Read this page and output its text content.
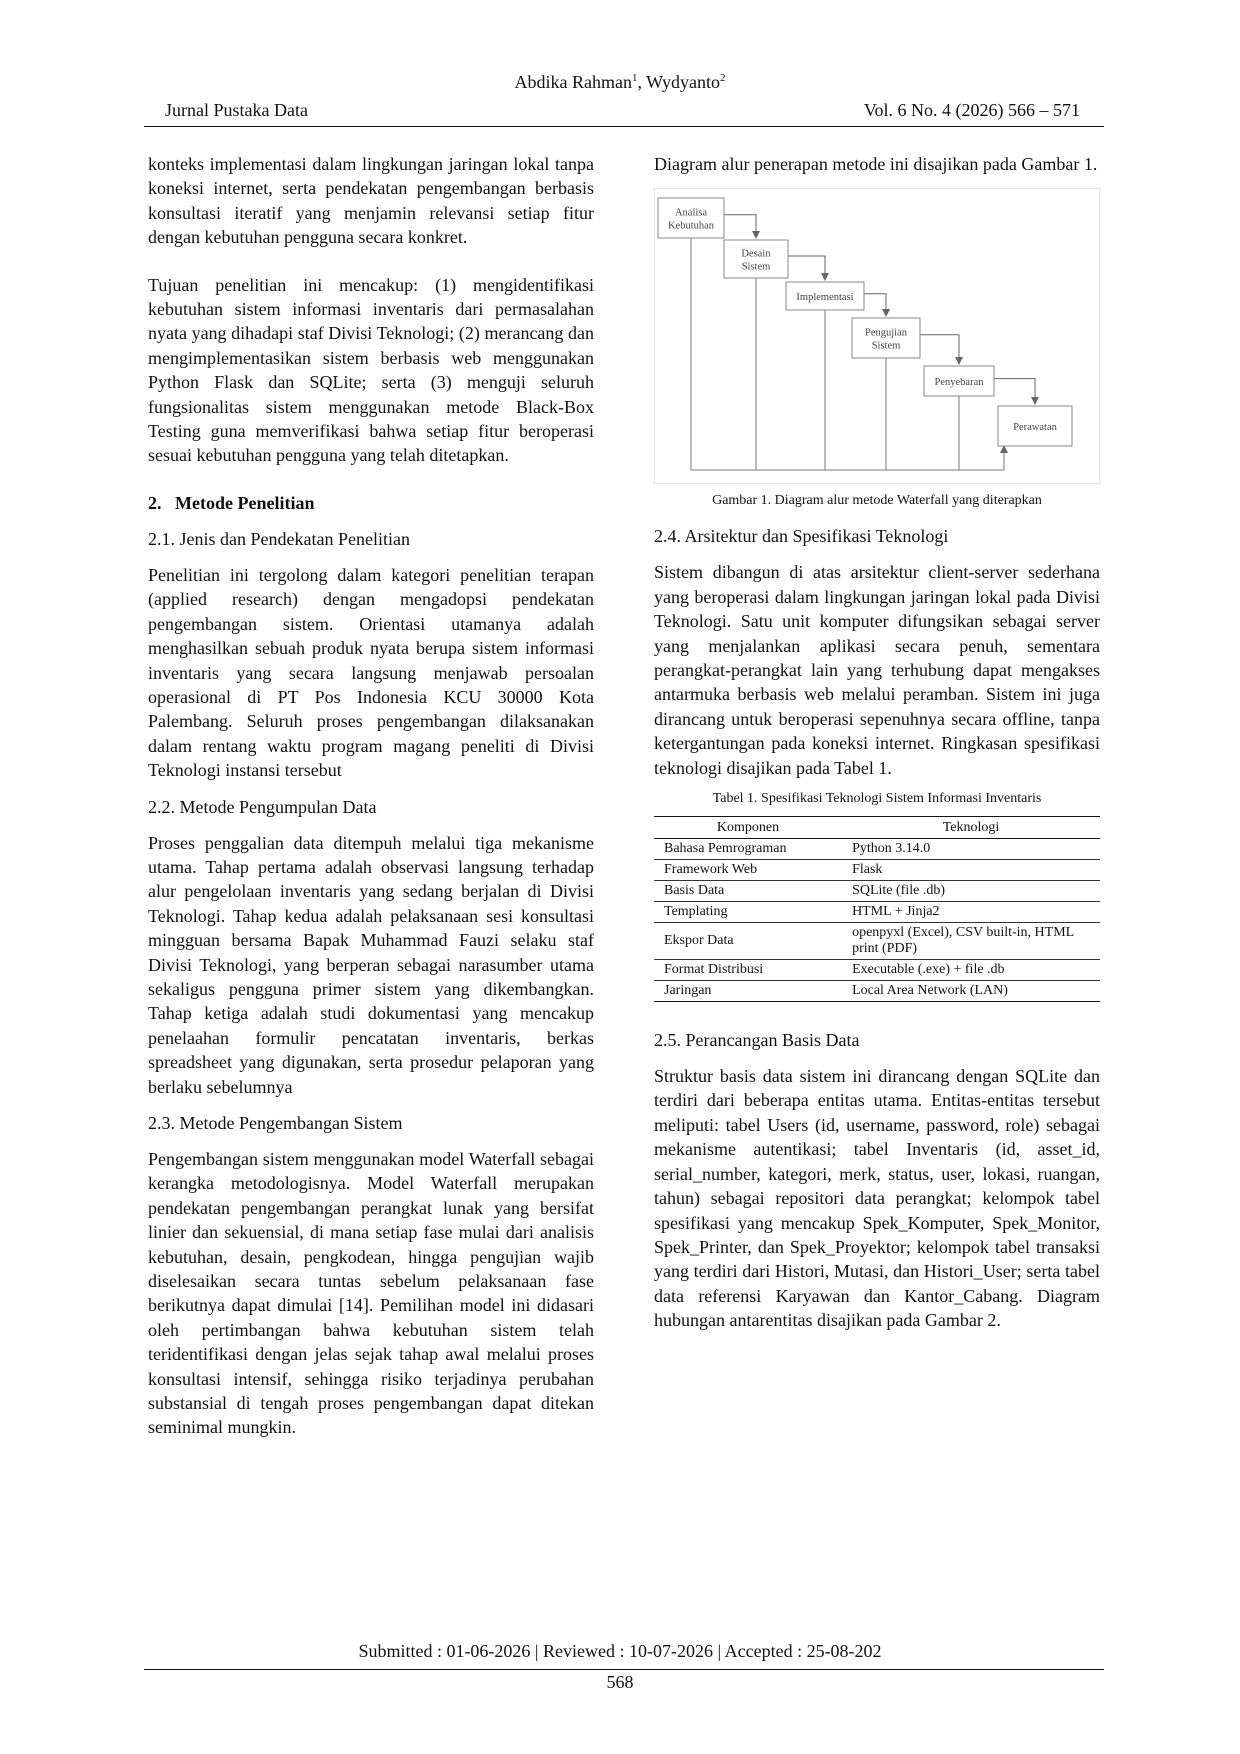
Abdika Rahman$^1$, Wydyanto$^2$
Jurnal Pustaka Data	Vol. 6 No. 4 (2026) 566 – 571

konteks implementasi dalam lingkungan jaringan lokal tanpa koneksi internet, serta pendekatan pengembangan berbasis konsultasi iteratif yang menjamin relevansi setiap fitur dengan kebutuhan pengguna secara konkret.

Tujuan penelitian ini mencakup: (1) mengidentifikasi kebutuhan sistem informasi inventaris dari permasalahan nyata yang dihadapi staf Divisi Teknologi; (2) merancang dan mengimplementasikan sistem berbasis web menggunakan Python Flask dan SQLite; serta (3) menguji seluruh fungsionalitas sistem menggunakan metode Black-Box Testing guna memverifikasi bahwa setiap fitur beroperasi sesuai kebutuhan pengguna yang telah ditetapkan.

2.   Metode Penelitian
2.1. Jenis dan Pendekatan Penelitian

Penelitian ini tergolong dalam kategori penelitian terapan (applied research) dengan mengadopsi pendekatan pengembangan sistem. Orientasi utamanya adalah menghasilkan sebuah produk nyata berupa sistem informasi inventaris yang secara langsung menjawab persoalan operasional di PT Pos Indonesia KCU 30000 Kota Palembang. Seluruh proses pengembangan dilaksanakan dalam rentang waktu program magang peneliti di Divisi Teknologi instansi tersebut

2.2. Metode Pengumpulan Data

Proses penggalian data ditempuh melalui tiga mekanisme utama. Tahap pertama adalah observasi langsung terhadap alur pengelolaan inventaris yang sedang berjalan di Divisi Teknologi. Tahap kedua adalah pelaksanaan sesi konsultasi mingguan bersama Bapak Muhammad Fauzi selaku staf Divisi Teknologi, yang berperan sebagai narasumber utama sekaligus pengguna primer sistem yang dikembangkan. Tahap ketiga adalah studi dokumentasi yang mencakup penelaahan formulir pencatatan inventaris, berkas spreadsheet yang digunakan, serta prosedur pelaporan yang berlaku sebelumnya

2.3. Metode Pengembangan Sistem

Pengembangan sistem menggunakan model Waterfall sebagai kerangka metodologisnya. Model Waterfall merupakan pendekatan pengembangan perangkat lunak yang bersifat linier dan sekuensial, di mana setiap fase mulai dari analisis kebutuhan, desain, pengkodean, hingga pengujian wajib diselesaikan secara tuntas sebelum pelaksanaan fase berikutnya dapat dimulai [14]. Pemilihan model ini didasari oleh pertimbangan bahwa kebutuhan sistem telah teridentifikasi dengan jelas sejak tahap awal melalui proses konsultasi intensif, sehingga risiko terjadinya perubahan substansial di tengah proses pengembangan dapat ditekan seminimal mungkin.

Diagram alur penerapan metode ini disajikan pada Gambar 1.

Analisa
Kebutuhan
Desain
Sistem
Implementasi
Pengujian
Sistem
Penyebaran
Perawatan
Gambar 1. Diagram alur metode Waterfall yang diterapkan
2.4. Arsitektur dan Spesifikasi Teknologi

Sistem dibangun di atas arsitektur client-server sederhana yang beroperasi dalam lingkungan jaringan lokal pada Divisi Teknologi. Satu unit komputer difungsikan sebagai server yang menjalankan aplikasi secara penuh, sementara perangkat-perangkat lain yang terhubung dapat mengakses antarmuka berbasis web melalui peramban. Sistem ini juga dirancang untuk beroperasi sepenuhnya secara offline, tanpa ketergantungan pada koneksi internet. Ringkasan spesifikasi teknologi disajikan pada Tabel 1.

Tabel 1. Spesifikasi Teknologi Sistem Informasi Inventaris
Komponen	Teknologi
Bahasa Pemrograman	Python 3.14.0
Framework Web	Flask
Basis Data	SQLite (file .db)
Templating	HTML + Jinja2
Ekspor Data	openpyxl (Excel), CSV built-in, HTML print (PDF)
Format Distribusi	Executable (.exe) + file .db
Jaringan	Local Area Network (LAN)
2.5. Perancangan Basis Data

Struktur basis data sistem ini dirancang dengan SQLite dan terdiri dari beberapa entitas utama. Entitas-entitas tersebut meliputi: tabel Users (id, username, password, role) sebagai mekanisme autentikasi; tabel Inventaris (id, asset_id, serial_number, kategori, merk, status, user, lokasi, ruangan, tahun) sebagai repositori data perangkat; kelompok tabel spesifikasi yang mencakup Spek_Komputer, Spek_Monitor, Spek_Printer, dan Spek_Proyektor; kelompok tabel transaksi yang terdiri dari Histori, Mutasi, dan Histori_User; serta tabel data referensi Karyawan dan Kantor_Cabang. Diagram hubungan antarentitas disajikan pada Gambar 2.

Submitted : 01-06-2026 | Reviewed : 10-07-2026 | Accepted : 25-08-202
568
